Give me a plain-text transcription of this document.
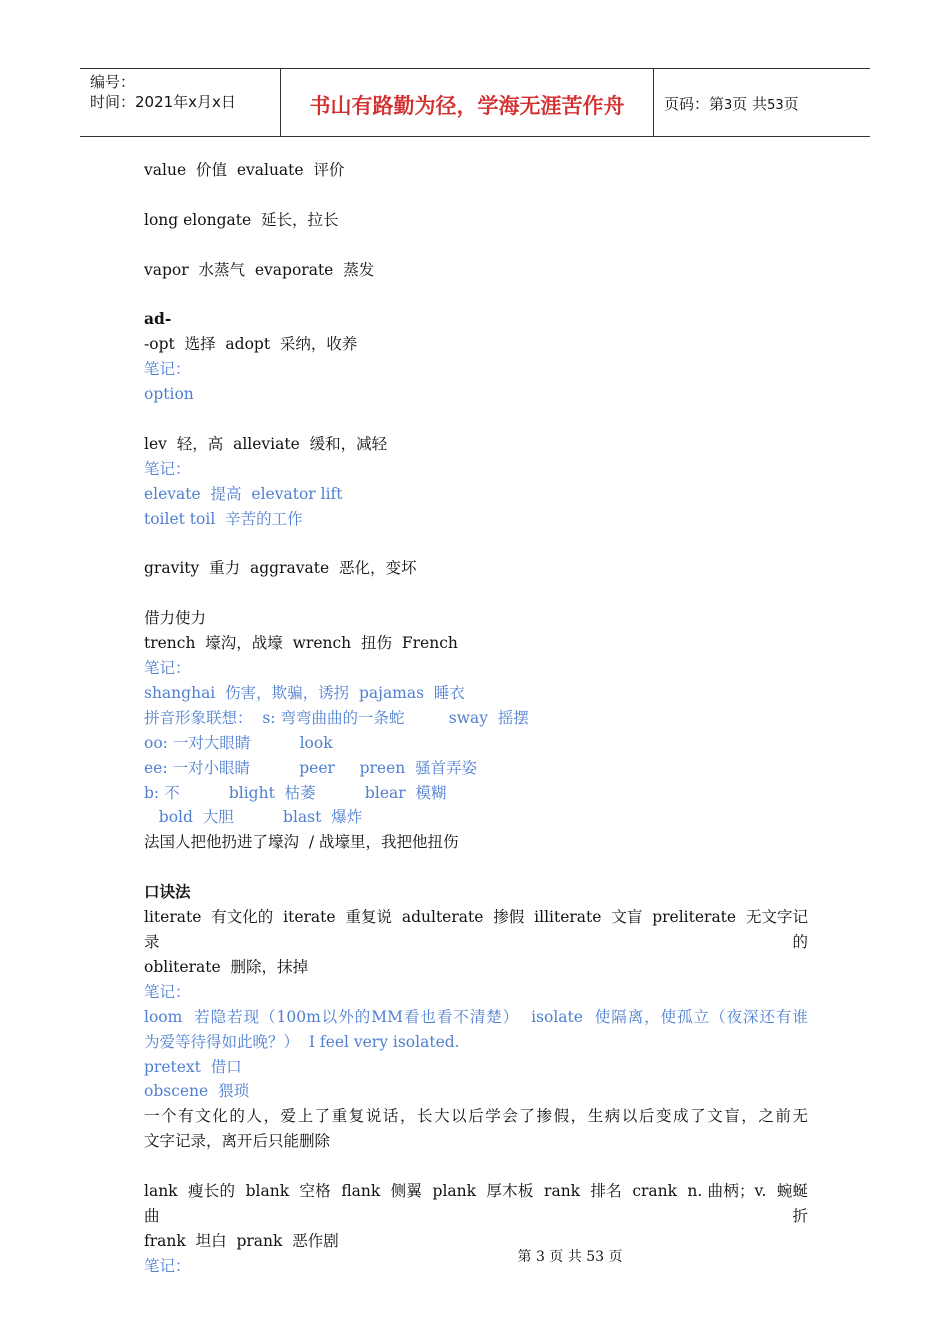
编号：
时间：2021年x月x日	书山有路勤为径，学海无涯苦作舟	页码：第3页 共53页
value  价值  evaluate  评价
long elongate  延长，拉长
vapor  水蒸气  evaporate  蒸发
ad-
-opt  选择  adopt  采纳，收养
笔记：
option
lev  轻，高  alleviate  缓和，减轻
笔记：
elevate  提高  elevator lift
toilet toil  辛苦的工作
gravity  重力  aggravate  恶化，变坏
借力使力
trench  壕沟，战壕  wrench  扭伤  French
笔记：
shanghai  伤害，欺骗，诱拐  pajamas  睡衣
拼音形象联想：  s: 弯弯曲曲的一条蛇         sway  摇摆
oo: 一对大眼睛          look
ee: 一对小眼睛          peer     preen  骚首弄姿
b: 不          blight  枯萎          blear  模糊
bold  大胆          blast  爆炸
法国人把他扔进了壕沟  / 战壕里，我把他扭伤
口诀法
literate  有文化的  iterate  重复说  adulterate  掺假  illiterate  文盲  preliterate  无文字记录的
obliterate  删除，抹掉
笔记：
loom  若隐若现（100m以外的MM看也看不清楚）  isolate  使隔离，使孤立（夜深还有谁
为爱等待得如此晚？）  I feel very isolated.
pretext  借口
obscene  猥琐
一个有文化的人，爱上了重复说话，长大以后学会了掺假，生病以后变成了文盲，之前无
文字记录，离开后只能删除
lank  瘦长的  blank  空格  flank  侧翼  plank  厚木板  rank  排名  crank  n. 曲柄；v.  蜿蜒曲折
frank  坦白  prank  恶作剧
笔记：	第 3 页 共 53 页
